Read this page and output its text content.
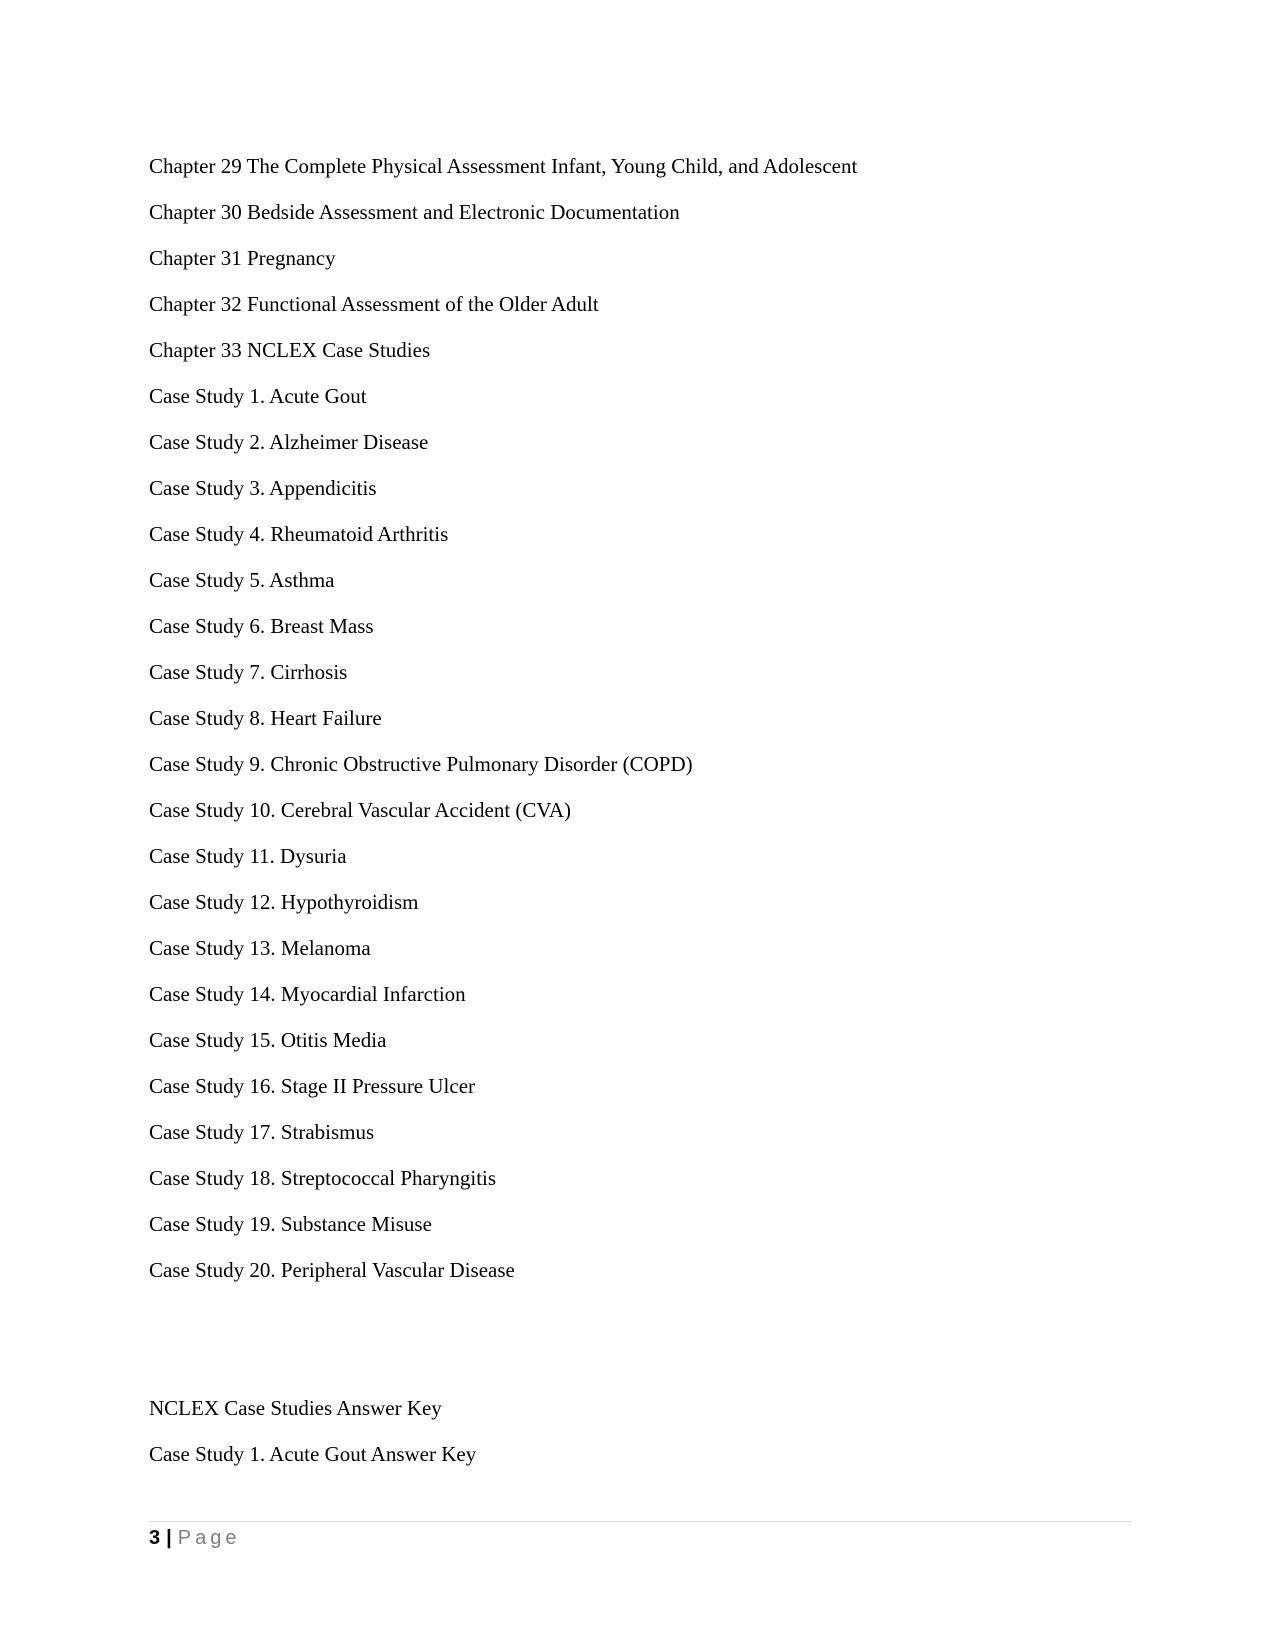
Chapter 29 The Complete Physical Assessment Infant, Young Child, and Adolescent
Chapter 30 Bedside Assessment and Electronic Documentation
Chapter 31 Pregnancy
Chapter 32 Functional Assessment of the Older Adult
Chapter 33 NCLEX Case Studies
Case Study 1. Acute Gout
Case Study 2. Alzheimer Disease
Case Study 3. Appendicitis
Case Study 4. Rheumatoid Arthritis
Case Study 5. Asthma
Case Study 6. Breast Mass
Case Study 7. Cirrhosis
Case Study 8. Heart Failure
Case Study 9. Chronic Obstructive Pulmonary Disorder (COPD)
Case Study 10. Cerebral Vascular Accident (CVA)
Case Study 11. Dysuria
Case Study 12. Hypothyroidism
Case Study 13. Melanoma
Case Study 14. Myocardial Infarction
Case Study 15. Otitis Media
Case Study 16. Stage II Pressure Ulcer
Case Study 17. Strabismus
Case Study 18. Streptococcal Pharyngitis
Case Study 19. Substance Misuse
Case Study 20. Peripheral Vascular Disease
NCLEX Case Studies Answer Key
Case Study 1. Acute Gout Answer Key
3 | Page
